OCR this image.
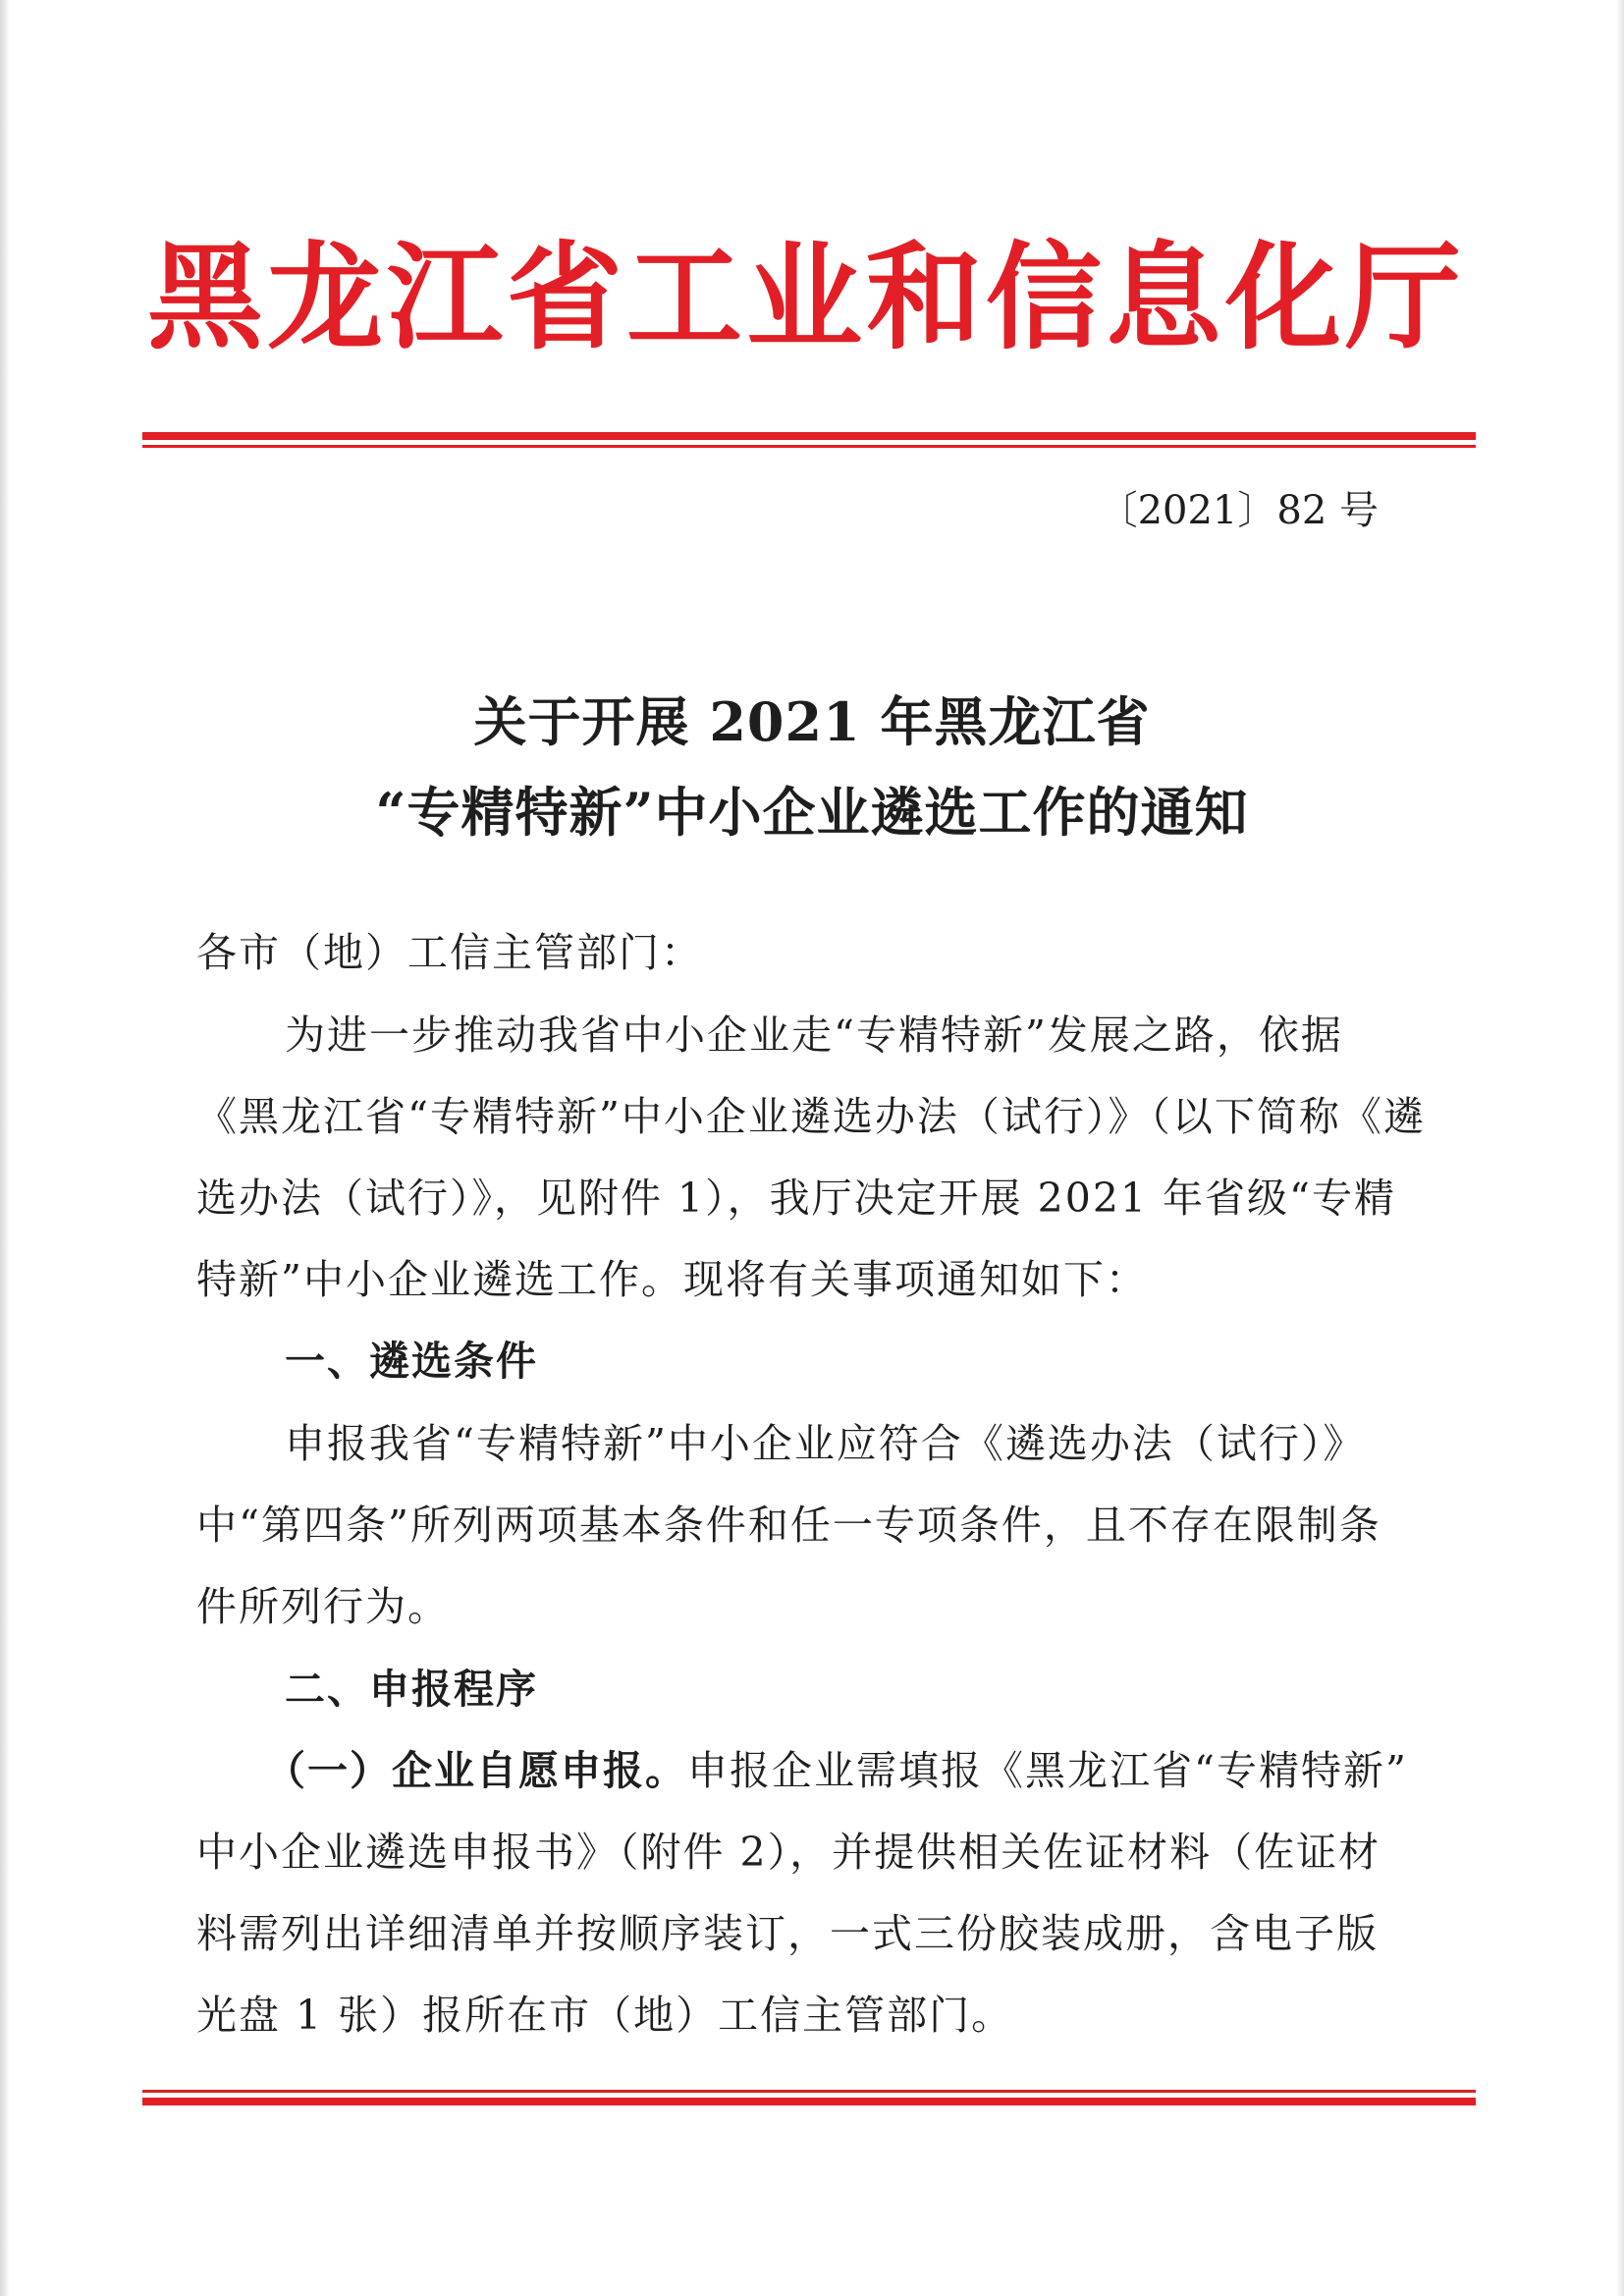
黑龙江省工业和信息化厅
〔2021〕82 号
关于开展 2021 年黑龙江省
“专精特新”中小企业遴选工作的通知

各市（地）工信主管部门：

为进一步推动我省中小企业走“专精特新”发展之路，依据

《黑龙江省“专精特新”中小企业遴选办法（试行）》（以下简称《遴

选办法（试行）》，见附件 1），我厅决定开展 2021 年省级“专精

特新”中小企业遴选工作。现将有关事项通知如下：

一、遴选条件

申报我省“专精特新”中小企业应符合《遴选办法（试行）》

中“第四条”所列两项基本条件和任一专项条件，且不存在限制条

件所列行为。

二、申报程序

（一）企业自愿申报。申报企业需填报《黑龙江省“专精特新”

中小企业遴选申报书》（附件 2），并提供相关佐证材料（佐证材

料需列出详细清单并按顺序装订，一式三份胶装成册，含电子版

光盘 1 张）报所在市（地）工信主管部门。
